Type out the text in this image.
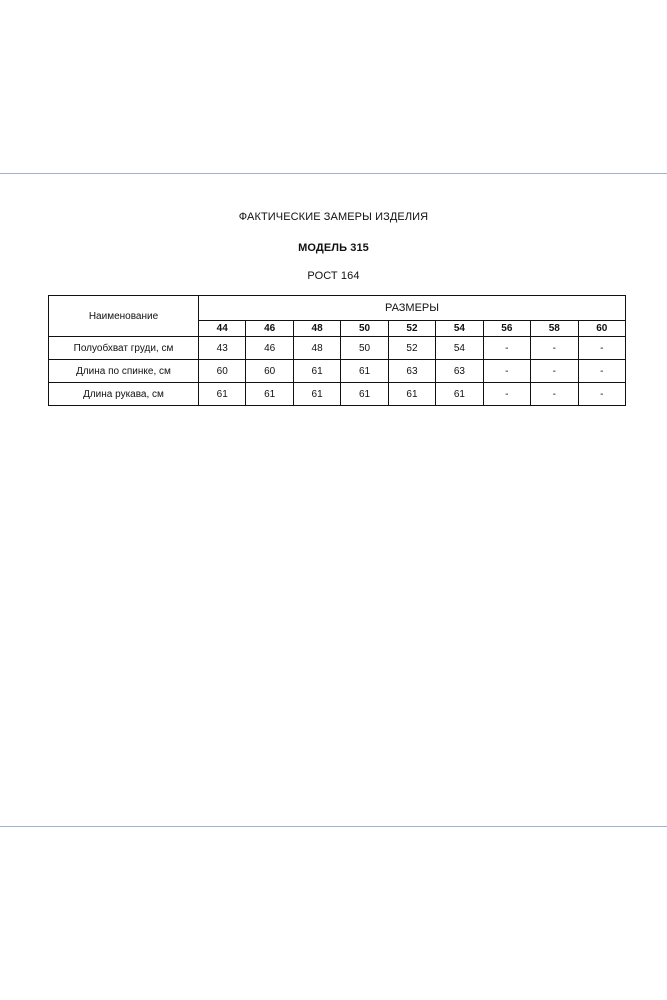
ФАКТИЧЕСКИЕ ЗАМЕРЫ ИЗДЕЛИЯ
МОДЕЛЬ 315
РОСТ 164
Наименование	РАЗМЕРЫ								
	44	46	48	50	52	54	56	58	60
Полуобхват груди, см	43	46	48	50	52	54	-	-	-
Длина по спинке, см	60	60	61	61	63	63	-	-	-
Длина рукава, см	61	61	61	61	61	61	-	-	-
